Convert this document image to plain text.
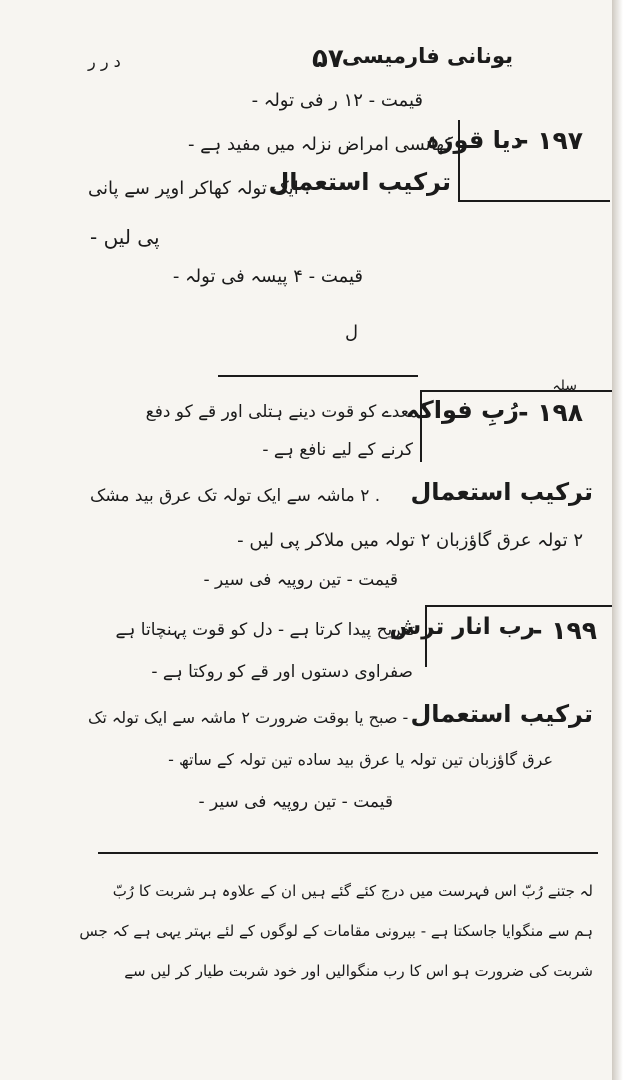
یونانی فارمیسی
۵۷
د ر ر
قیمت - ۱۲ ر فی تولہ -
۱۹۷ -
دیا قوزہ
کھانسی امراض نزلہ میں مفید ہے -
ترکیب استعمال
. ایک تولہ کھاکر اوپر سے پانی
پی لیں -
قیمت - ۴ پیسہ فی تولہ -
ل
سلہ
۱۹۸ -
رُبِ فواکہ
معدے کو قوت دینے ہتلی اور قے کو دفع
کرنے کے لیے نافع ہے -
ترکیب استعمال
. ۲ ماشہ سے ایک تولہ تک عرق بید مشک
۲ تولہ عرق گاؤزبان ۲ تولہ میں ملاکر پی لیں -
قیمت - تین روپیہ فی سیر -
۱۹۹ -
رب انار ترش
تفریح پیدا کرتا ہے - دل کو قوت پہنچاتا ہے
صفراوی دستوں اور قے کو روکتا ہے -
ترکیب استعمال
- صبح یا بوقت ضرورت ۲ ماشہ سے ایک تولہ تک
عرق گاؤزبان تین تولہ یا عرق بید ساده تین تولہ کے ساتھ -
قیمت - تین روپیہ فی سیر -
لہ جتنے رُبّ اس فہرست میں درج کئے گئے ہیں ان کے علاوہ ہر شربت کا رُبّ
ہم سے منگوایا جاسکتا ہے - بیرونی مقامات کے لوگوں کے لئے بہتر یہی ہے کہ جس
شربت کی ضرورت ہو اس کا رب منگوالیں اور خود شربت طیار کر لیں سے
